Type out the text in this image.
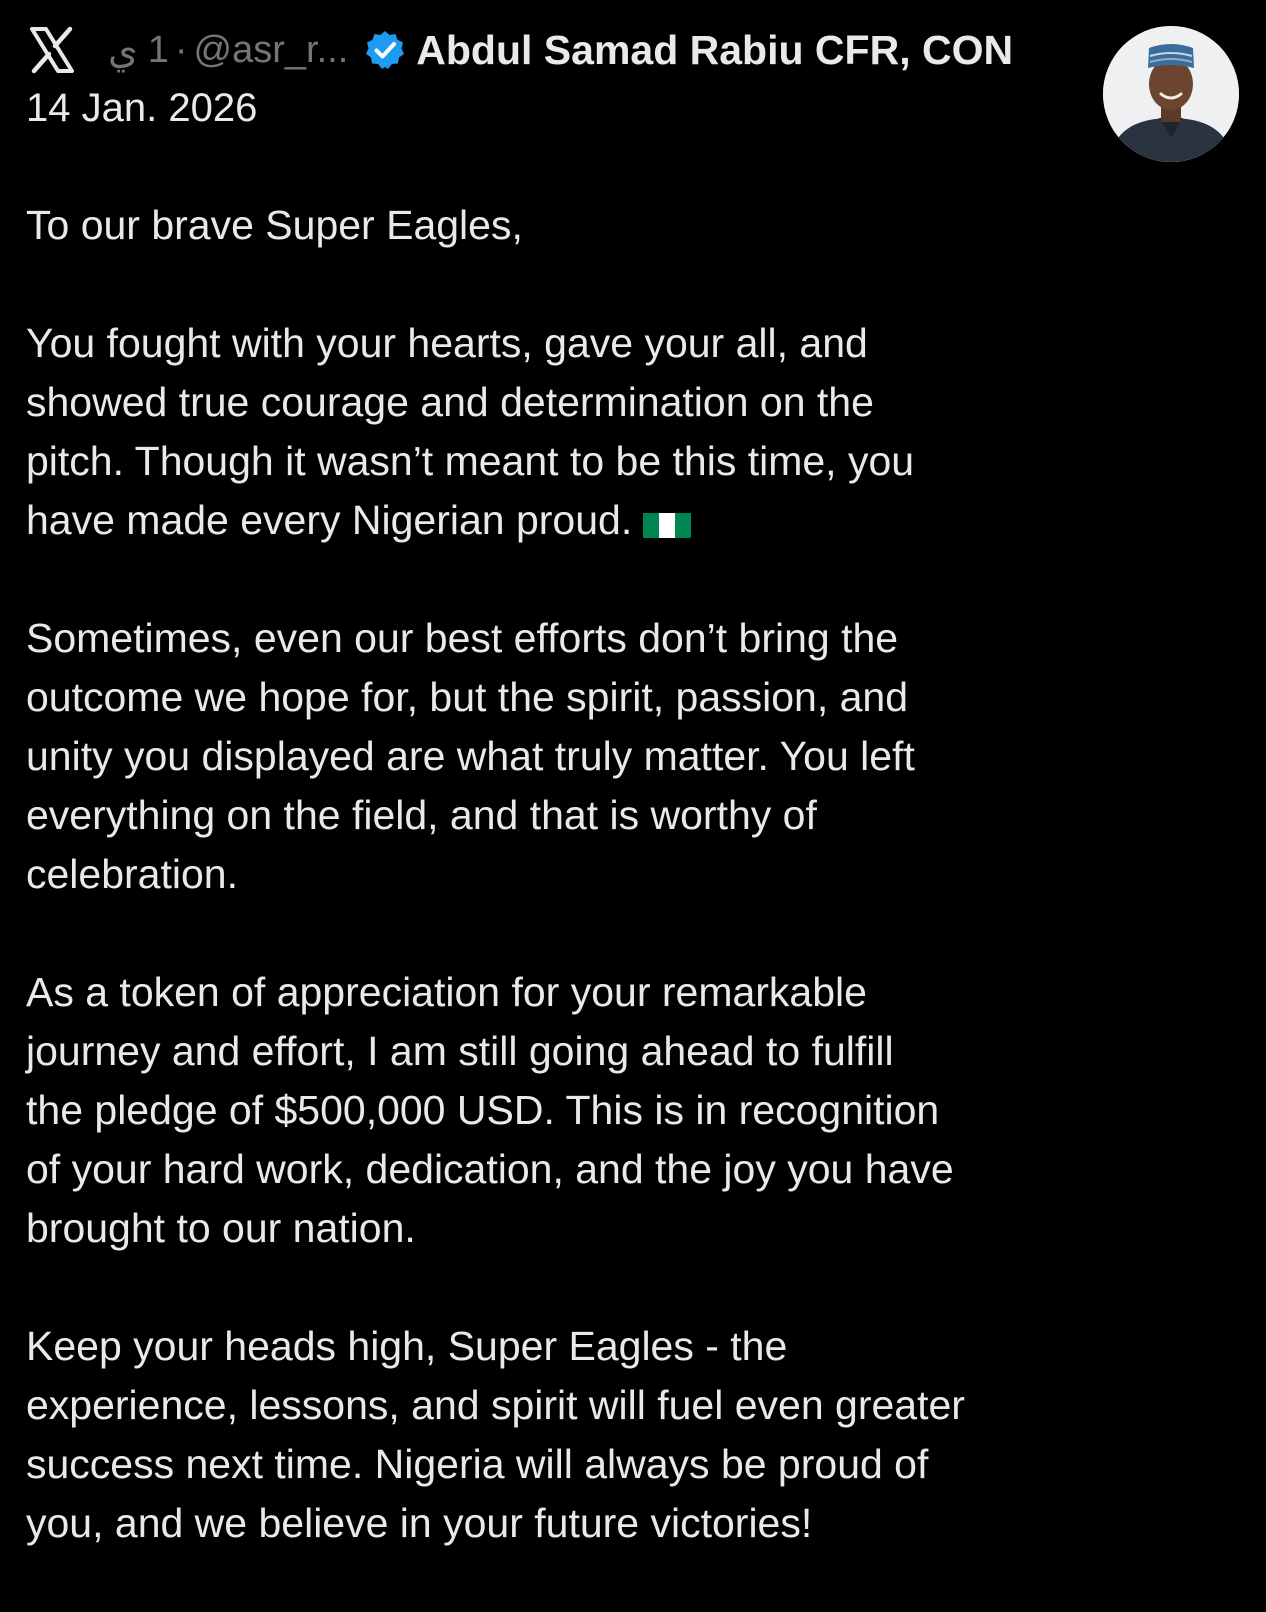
ي 1 · @asr_r... Abdul Samad Rabiu CFR, CON
14 Jan. 2026

To our brave Super Eagles,

You fought with your hearts, gave your all, and
showed true courage and determination on the
pitch. Though it wasn’t meant to be this time, you
have made every Nigerian proud.

Sometimes, even our best efforts don’t bring the
outcome we hope for, but the spirit, passion, and
unity you displayed are what truly matter. You left
everything on the field, and that is worthy of
celebration.

As a token of appreciation for your remarkable
journey and effort, I am still going ahead to fulfill
the pledge of $500,000 USD. This is in recognition
of your hard work, dedication, and the joy you have
brought to our nation.

Keep your heads high, Super Eagles - the
experience, lessons, and spirit will fuel even greater
success next time. Nigeria will always be proud of
you, and we believe in your future victories!
